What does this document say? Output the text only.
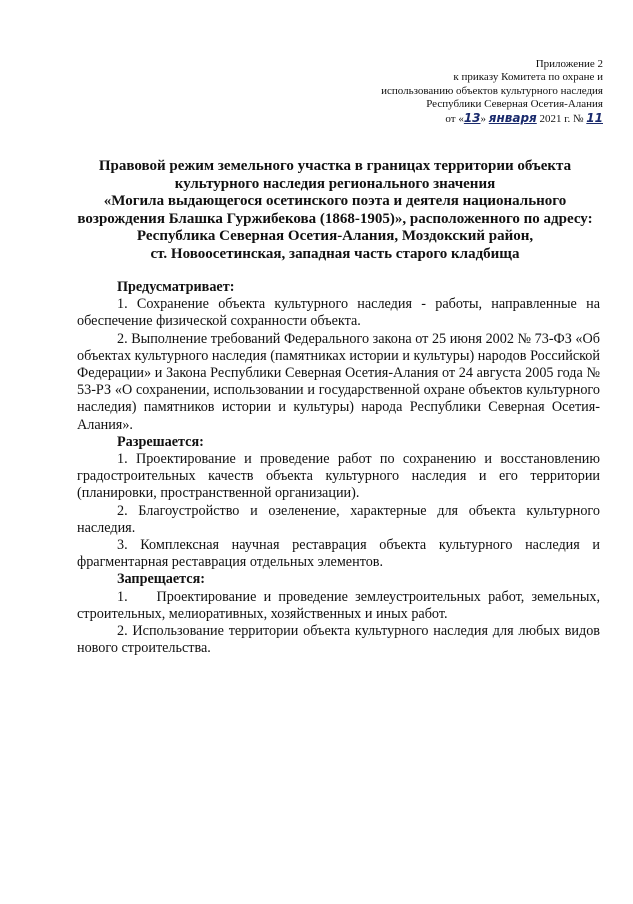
Приложение 2
к приказу Комитета по охране и
использованию объектов культурного наследия
Республики Северная Осетия-Алания
от «13» января 2021 г. № 11
Правовой режим земельного участка в границах территории объекта
культурного наследия регионального значения
«Могила выдающегося осетинского поэта и деятеля национального
возрождения Блашка Гуржибекова (1868-1905)», расположенного по адресу:
Республика Северная Осетия-Алания, Моздокский район,
ст. Новоосетинская, западная часть старого кладбища

Предусматривает:

1. Сохранение объекта культурного наследия - работы, направленные на обеспечение физической сохранности объекта.

2. Выполнение требований Федерального закона от 25 июня 2002 № 73-ФЗ «Об объектах культурного наследия (памятниках истории и культуры) народов Российской Федерации» и Закона Республики Северная Осетия-Алания от 24 августа 2005 года № 53-РЗ «О сохранении, использовании и государственной охране объектов культурного наследия) памятников истории и культуры) народа Республики Северная Осетия-Алания».

Разрешается:

1. Проектирование и проведение работ по сохранению и восстановлению градостроительных качеств объекта культурного наследия и его территории (планировки, пространственной организации).

2. Благоустройство и озеленение, характерные для объекта культурного наследия.

3. Комплексная научная реставрация объекта культурного наследия и фрагментарная реставрация отдельных элементов.

Запрещается:

1.    Проектирование и проведение землеустроительных работ, земельных, строительных, мелиоративных, хозяйственных и иных работ.

2. Использование территории объекта культурного наследия для любых видов нового строительства.
